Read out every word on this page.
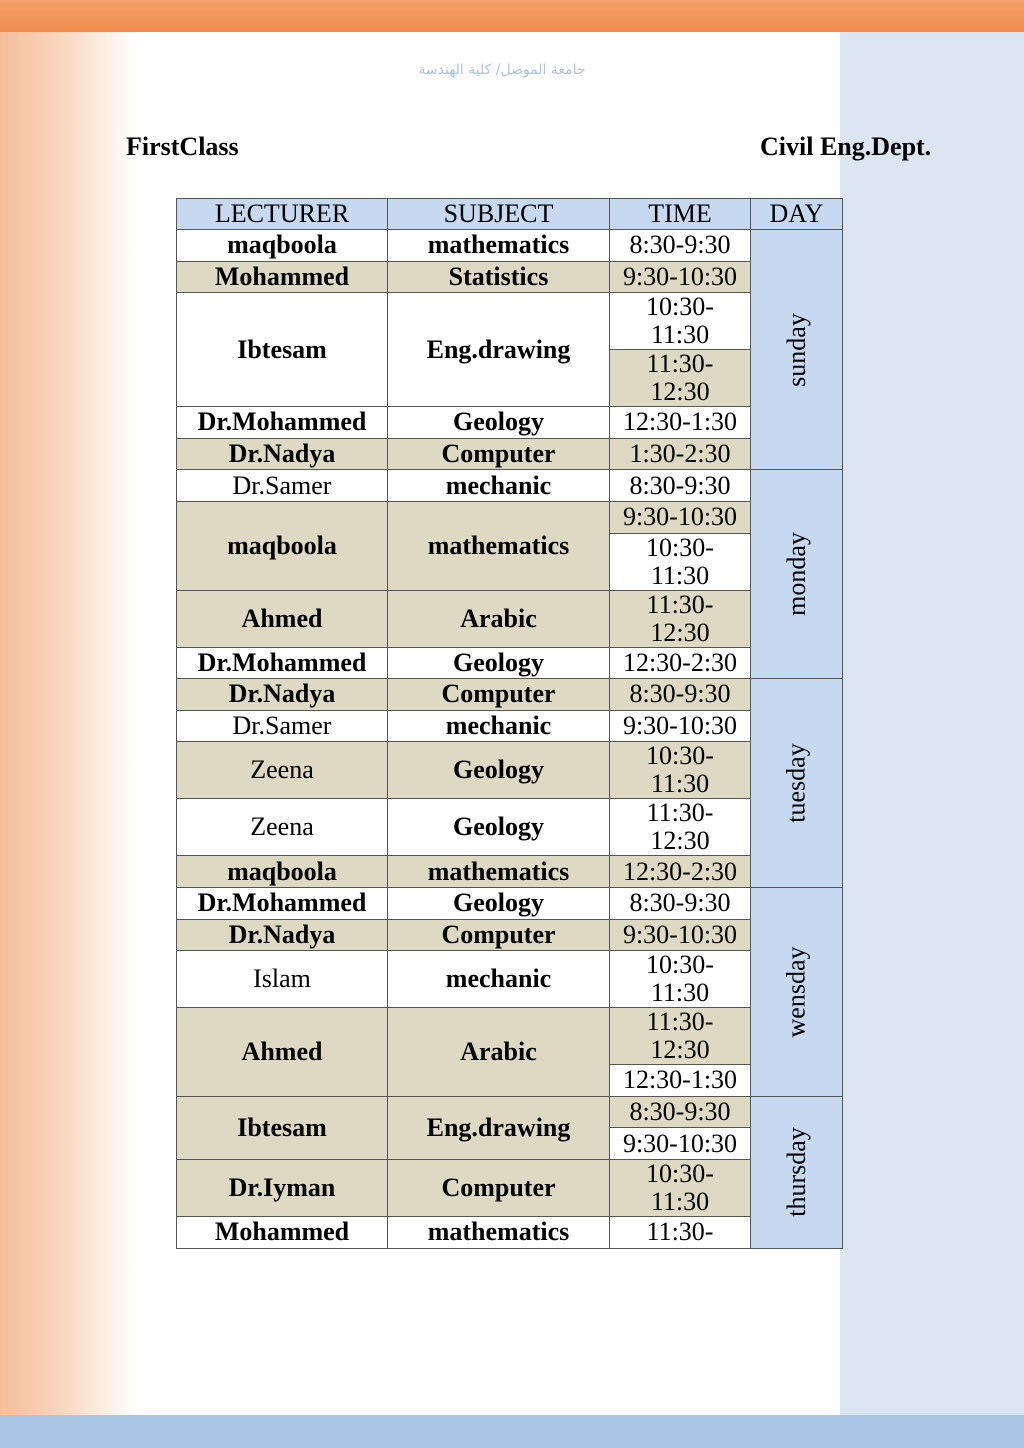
جامعة الموصل/ كلية الهندسة
FirstClass	Civil Eng.Dept.
LECTURER	SUBJECT	TIME	DAY
maqboola	mathematics	8:30-9:30	sunday
Mohammed	Statistics	9:30-10:30	
Ibtesam	Eng.drawing	10:30-11:30	

		11:30-12:30	

Dr.Mohammed	Geology	12:30-1:30	
Dr.Nadya	Computer	1:30-2:30	
Dr.Samer	mechanic	8:30-9:30	monday
maqboola	mathematics	9:30-10:30	
		10:30-11:30	

Ahmed	Arabic	11:30-12:30	

Dr.Mohammed	Geology	12:30-2:30	
Dr.Nadya	Computer	8:30-9:30	tuesday
Dr.Samer	mechanic	9:30-10:30	
Zeena	Geology	10:30-11:30	

Zeena	Geology	11:30-12:30	

maqboola	mathematics	12:30-2:30	
Dr.Mohammed	Geology	8:30-9:30	wensday
Dr.Nadya	Computer	9:30-10:30	
Islam	mechanic	10:30-11:30	

Ahmed	Arabic	11:30-12:30	

		12:30-1:30	
Ibtesam	Eng.drawing	8:30-9:30	thursday
		9:30-10:30	
Dr.Iyman	Computer	10:30-11:30	

Mohammed	mathematics	11:30-	
